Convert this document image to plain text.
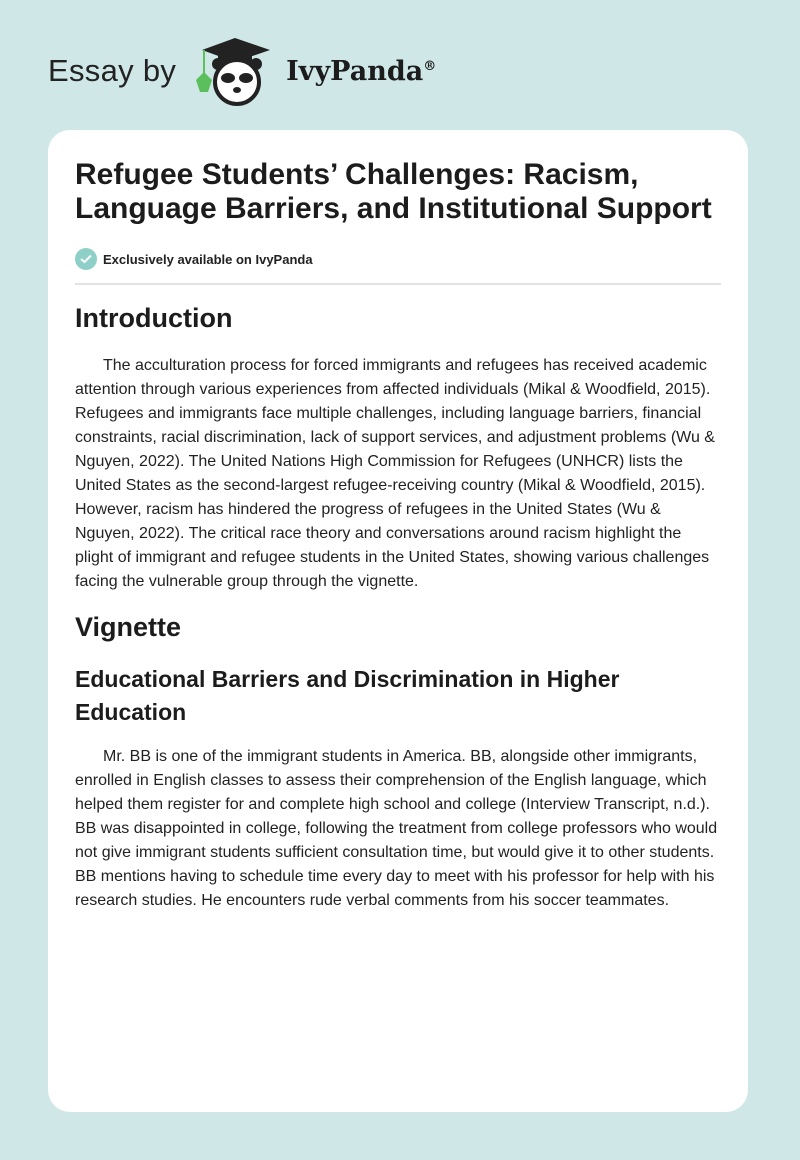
Essay by	IvyPanda®
Refugee Students’ Challenges: Racism, Language Barriers, and Institutional Support
Exclusively available on IvyPanda
Introduction

The acculturation process for forced immigrants and refugees has received academic attention through various experiences from affected individuals (Mikal & Woodfield, 2015). Refugees and immigrants face multiple challenges, including language barriers, financial constraints, racial discrimination, lack of support services, and adjustment problems (Wu & Nguyen, 2022). The United Nations High Commission for Refugees (UNHCR) lists the United States as the second-largest refugee-receiving country (Mikal & Woodfield, 2015). However, racism has hindered the progress of refugees in the United States (Wu & Nguyen, 2022). The critical race theory and conversations around racism highlight the plight of immigrant and refugee students in the United States, showing various challenges facing the vulnerable group through the vignette.

Vignette
Educational Barriers and Discrimination in Higher Education

Mr. BB is one of the immigrant students in America. BB, alongside other immigrants, enrolled in English classes to assess their comprehension of the English language, which helped them register for and complete high school and college (Interview Transcript, n.d.). BB was disappointed in college, following the treatment from college professors who would not give immigrant students sufficient consultation time, but would give it to other students. BB mentions having to schedule time every day to meet with his professor for help with his research studies. He encounters rude verbal comments from his soccer teammates.
